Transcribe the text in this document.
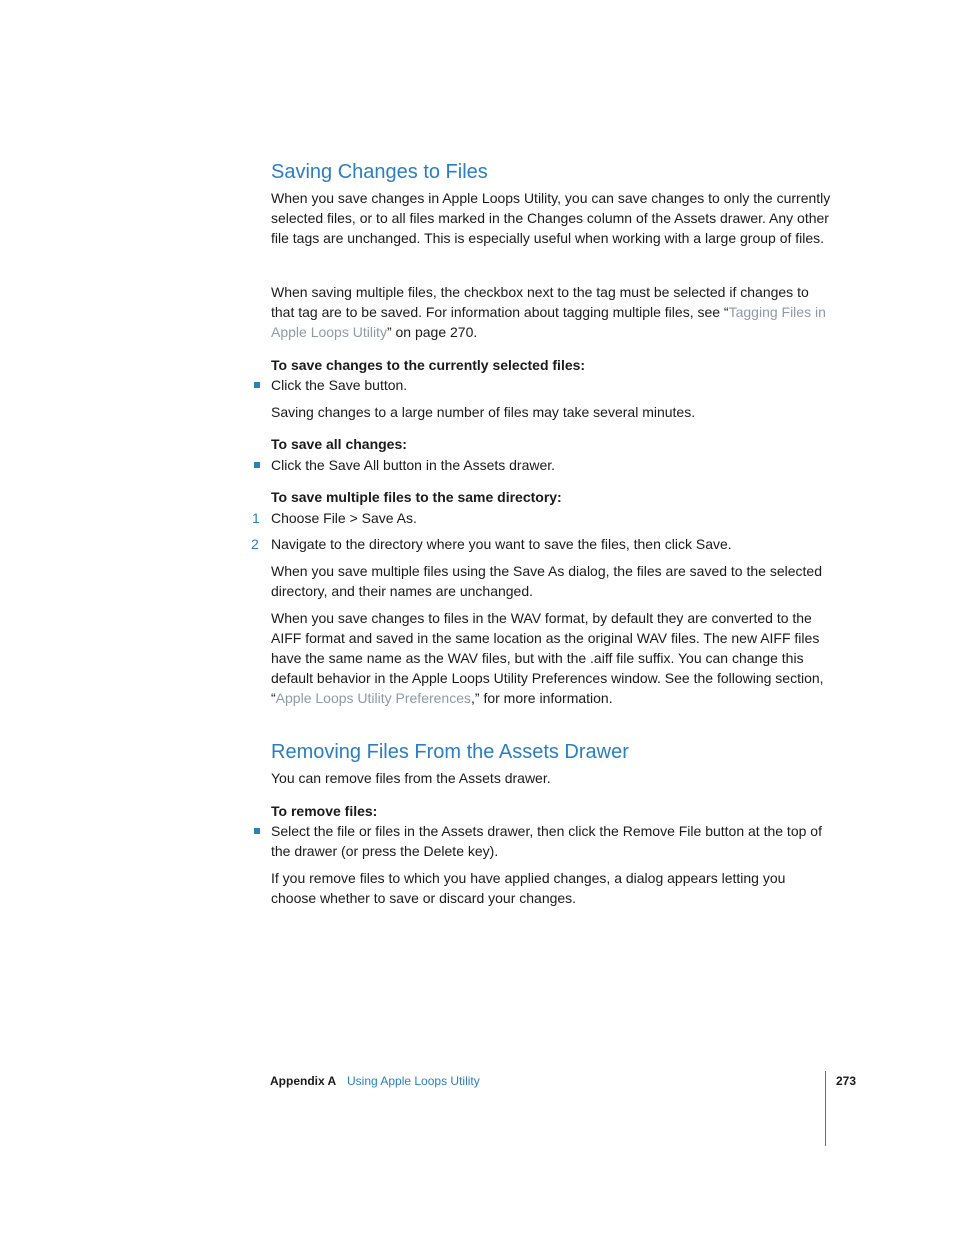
Saving Changes to Files

When you save changes in Apple Loops Utility, you can save changes to only the currently selected files, or to all files marked in the Changes column of the Assets drawer. Any other file tags are unchanged. This is especially useful when working with a large group of files.

When saving multiple files, the checkbox next to the tag must be selected if changes to that tag are to be saved. For information about tagging multiple files, see “Tagging Files in Apple Loops Utility” on page 270.

To save changes to the currently selected files:

Click the Save button.

Saving changes to a large number of files may take several minutes.

To save all changes:

Click the Save All button in the Assets drawer.

To save multiple files to the same directory:

Choose File > Save As.

Navigate to the directory where you want to save the files, then click Save.

When you save multiple files using the Save As dialog, the files are saved to the selected directory, and their names are unchanged.

When you save changes to files in the WAV format, by default they are converted to the AIFF format and saved in the same location as the original WAV files. The new AIFF files have the same name as the WAV files, but with the .aiff file suffix. You can change this default behavior in the Apple Loops Utility Preferences window. See the following section, “Apple Loops Utility Preferences,” for more information.

Removing Files From the Assets Drawer

You can remove files from the Assets drawer.

To remove files:

Select the file or files in the Assets drawer, then click the Remove File button at the top of the drawer (or press the Delete key).

If you remove files to which you have applied changes, a dialog appears letting you choose whether to save or discard your changes.

1
2
Appendix A Using Apple Loops Utility	273
